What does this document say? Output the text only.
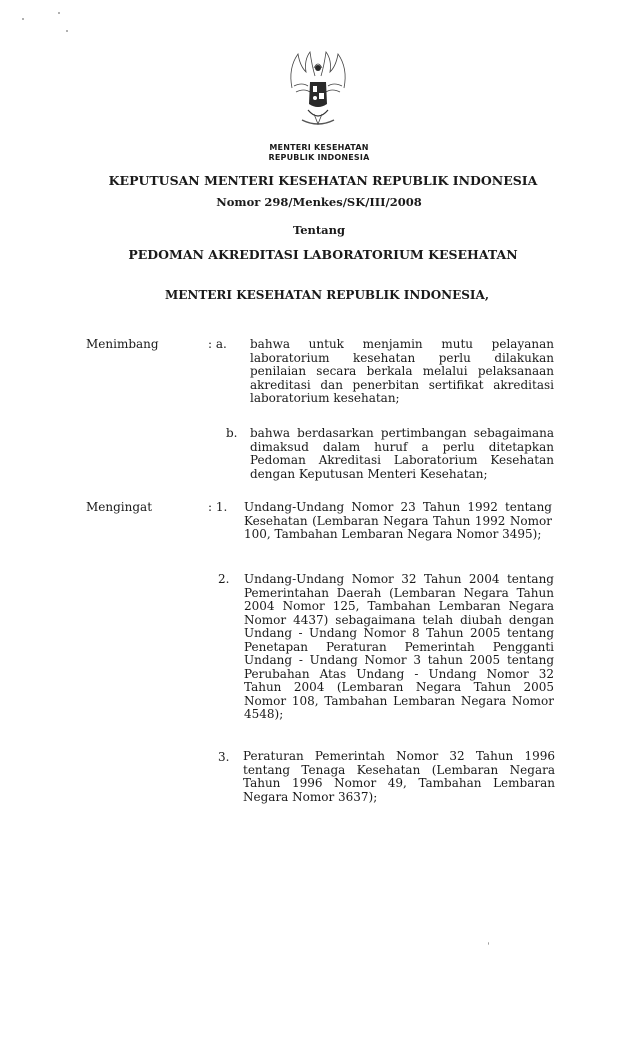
MENTERI KESEHATAN
REPUBLIK INDONESIA
KEPUTUSAN MENTERI KESEHATAN REPUBLIK INDONESIA
Nomor 298/Menkes/SK/III/2008
Tentang
PEDOMAN AKREDITASI LABORATORIUM KESEHATAN
MENTERI KESEHATAN REPUBLIK INDONESIA,
Menimbang	: a. bahwa untuk menjamin mutu pelayanan laboratorium kesehatan perlu dilakukan penilaian secara berkala melalui pelaksanaan akreditasi dan penerbitan sertifikat akreditasi laboratorium kesehatan;

b. bahwa berdasarkan pertimbangan sebagaimana dimaksud dalam huruf a perlu ditetapkan Pedoman Akreditasi Laboratorium Kesehatan dengan Keputusan Menteri Kesehatan;

Mengingat	: 1. Undang-Undang Nomor 23 Tahun 1992 tentang Kesehatan (Lembaran Negara Tahun 1992 Nomor 100, Tambahan Lembaran Negara Nomor 3495);

2. Undang-Undang Nomor 32 Tahun 2004 tentang Pemerintahan Daerah (Lembaran Negara Tahun 2004 Nomor 125, Tambahan Lembaran Negara Nomor 4437) sebagaimana telah diubah dengan Undang - Undang Nomor 8 Tahun 2005 tentang Penetapan Peraturan Pemerintah Pengganti Undang - Undang Nomor 3 tahun 2005 tentang Perubahan Atas Undang - Undang Nomor 32 Tahun 2004 (Lembaran Negara Tahun 2005 Nomor 108, Tambahan Lembaran Negara Nomor 4548);

3. Peraturan Pemerintah Nomor 32 Tahun 1996 tentang Tenaga Kesehatan (Lembaran Negara Tahun 1996 Nomor 49, Tambahan Lembaran Negara Nomor 3637);
